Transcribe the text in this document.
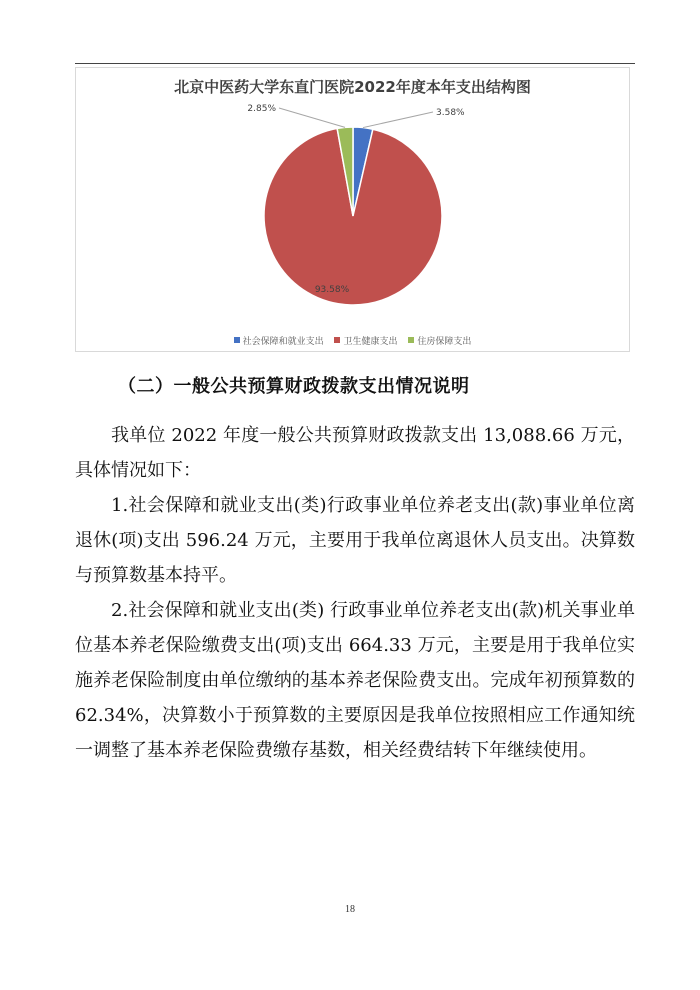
3.58%
93.58%
2.85%
北京中医药大学东直门医院2022年度本年支出结构图
社会保障和就业支出 卫生健康支出 住房保障支出
（二）一般公共预算财政拨款支出情况说明
我单位 2022 年度一般公共预算财政拨款支出 13,088.66 万元，具体情况如下：
1.社会保障和就业支出(类)行政事业单位养老支出(款)事业单位离退休(项)支出 596.24 万元，主要用于我单位离退休人员支出。决算数与预算数基本持平。
2.社会保障和就业支出(类) 行政事业单位养老支出(款)机关事业单位基本养老保险缴费支出(项)支出 664.33 万元，主要是用于我单位实施养老保险制度由单位缴纳的基本养老保险费支出。完成年初预算数的 62.34%，决算数小于预算数的主要原因是我单位按照相应工作通知统一调整了基本养老保险费缴存基数，相关经费结转下年继续使用。
18
